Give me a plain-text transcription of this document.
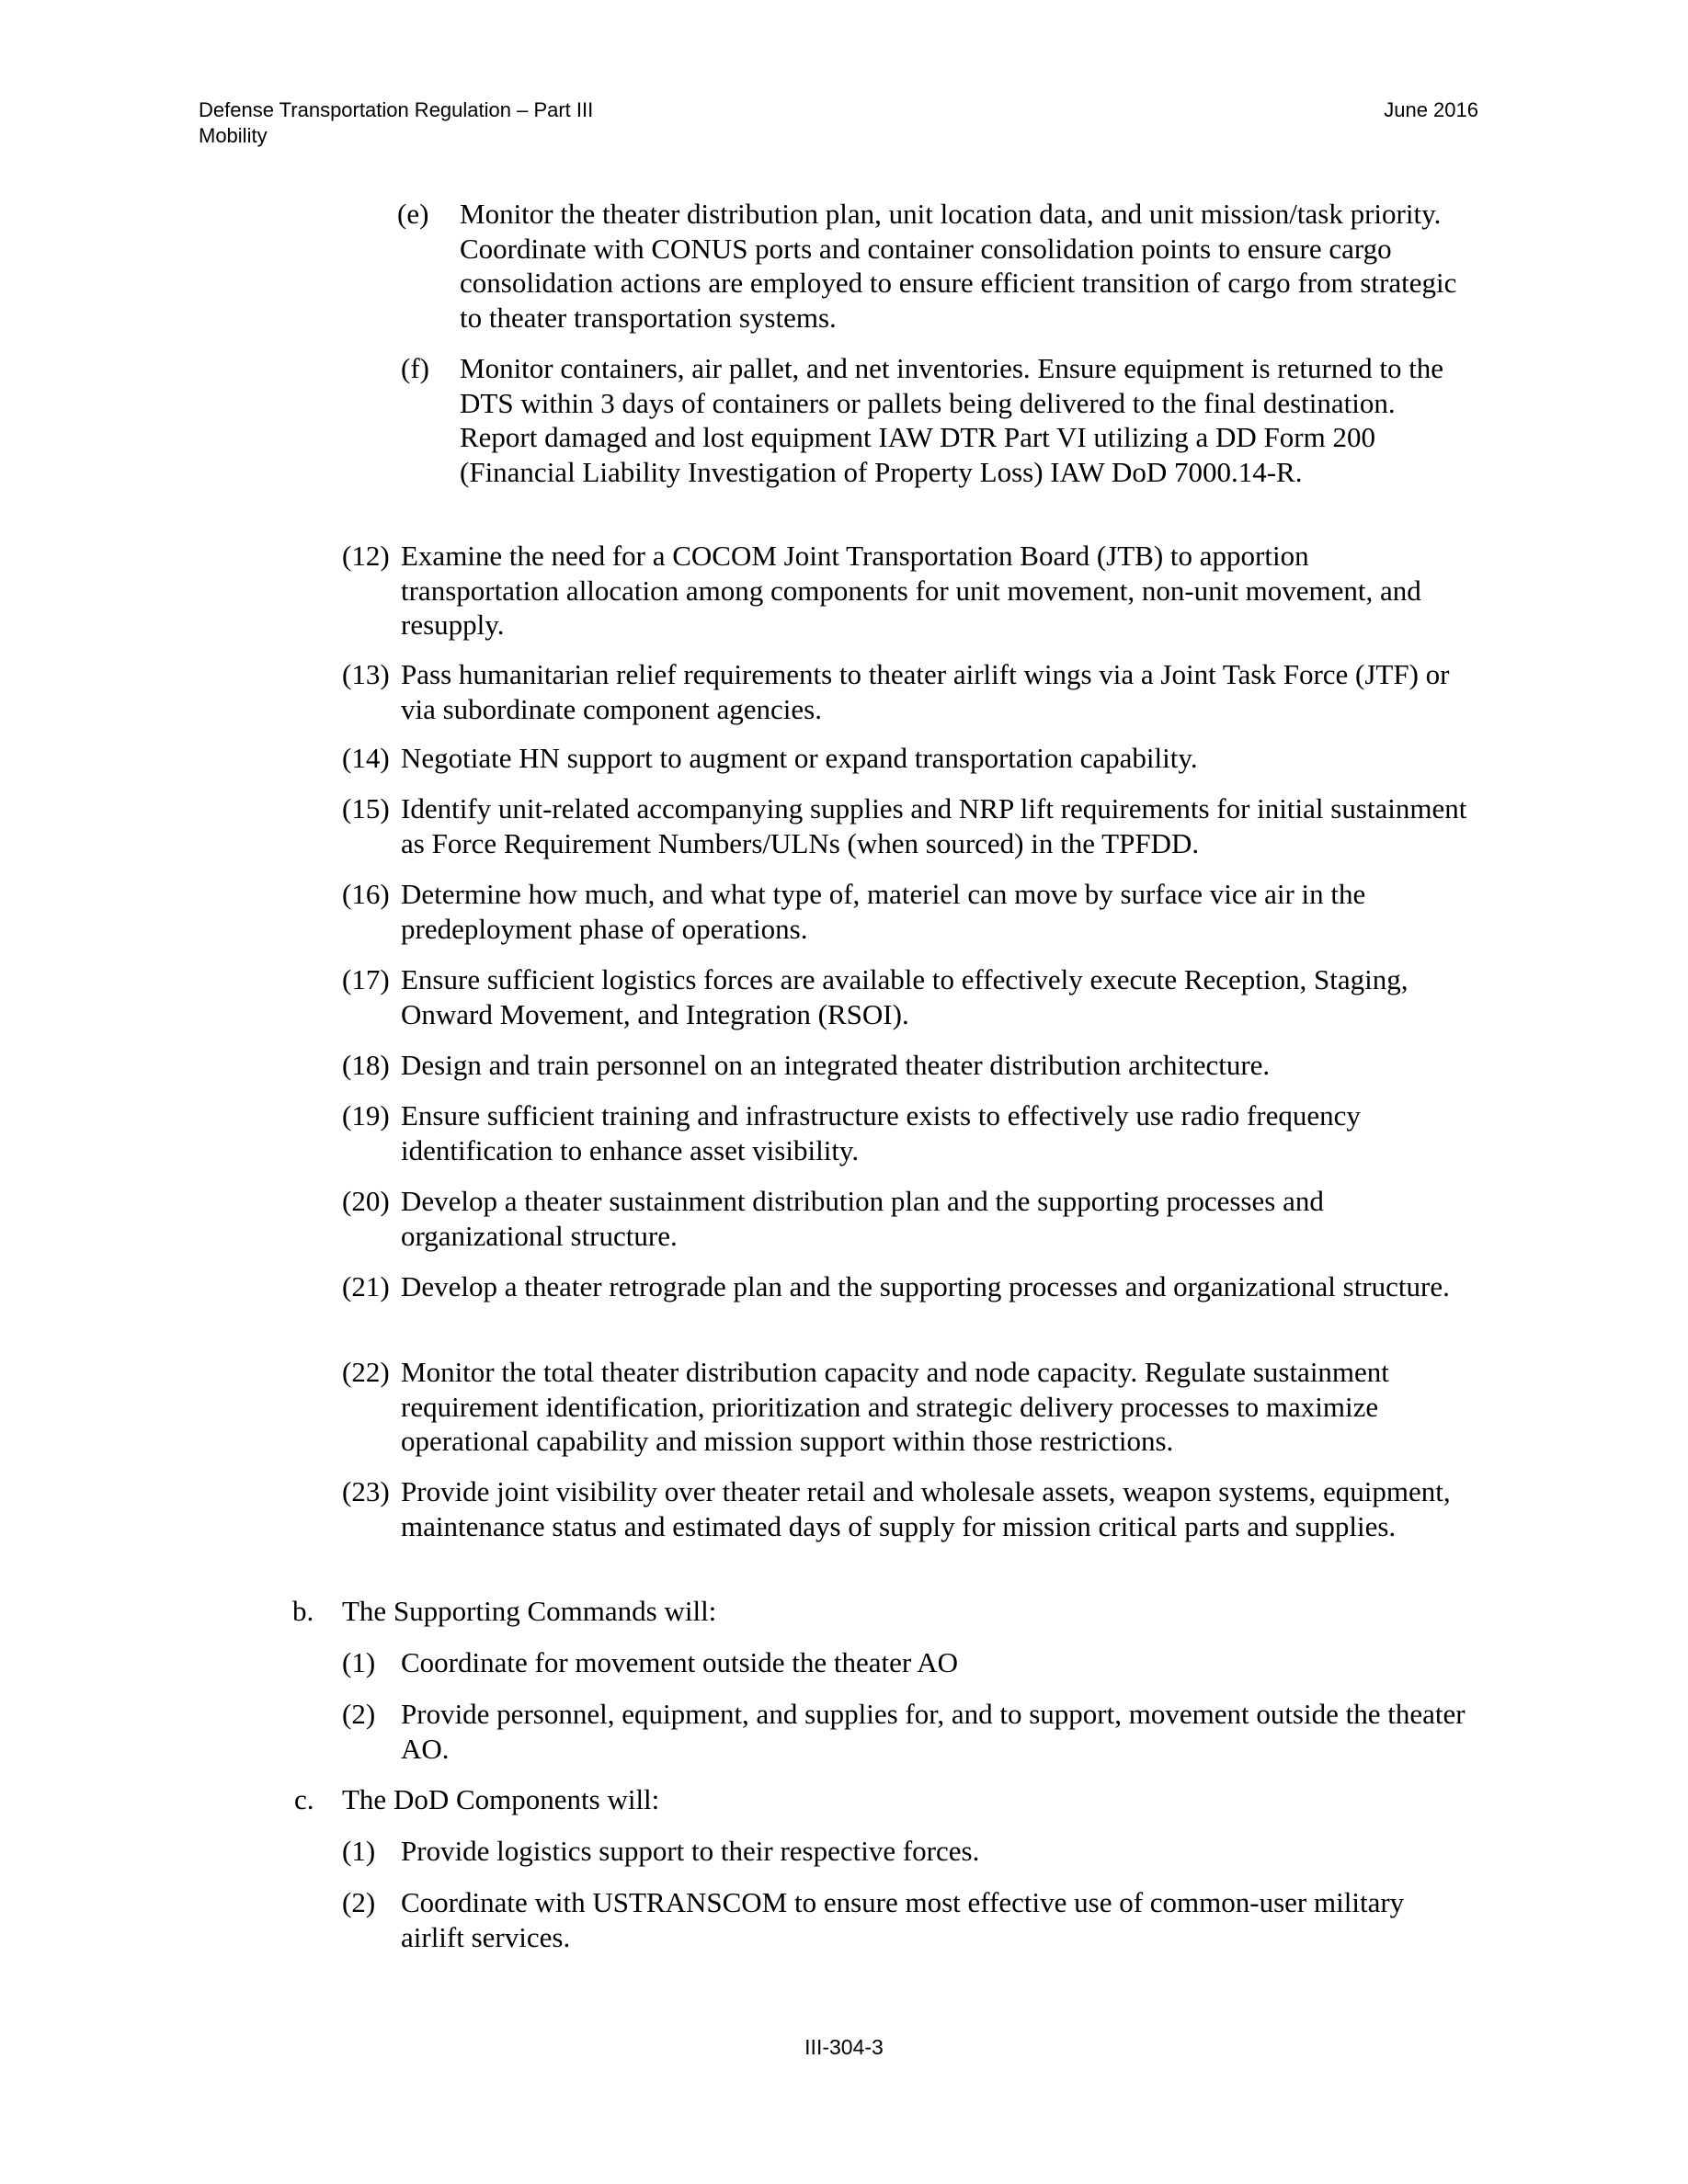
Defense Transportation Regulation – Part III
Mobility
June 2016
(e) Monitor the theater distribution plan, unit location data, and unit mission/task priority. Coordinate with CONUS ports and container consolidation points to ensure cargo consolidation actions are employed to ensure efficient transition of cargo from strategic to theater transportation systems.
(f) Monitor containers, air pallet, and net inventories. Ensure equipment is returned to the DTS within 3 days of containers or pallets being delivered to the final destination. Report damaged and lost equipment IAW DTR Part VI utilizing a DD Form 200 (Financial Liability Investigation of Property Loss) IAW DoD 7000.14-R.
(12) Examine the need for a COCOM Joint Transportation Board (JTB) to apportion transportation allocation among components for unit movement, non-unit movement, and resupply.
(13) Pass humanitarian relief requirements to theater airlift wings via a Joint Task Force (JTF) or via subordinate component agencies.
(14) Negotiate HN support to augment or expand transportation capability.
(15) Identify unit-related accompanying supplies and NRP lift requirements for initial sustainment as Force Requirement Numbers/ULNs (when sourced) in the TPFDD.
(16) Determine how much, and what type of, materiel can move by surface vice air in the predeployment phase of operations.
(17) Ensure sufficient logistics forces are available to effectively execute Reception, Staging, Onward Movement, and Integration (RSOI).
(18) Design and train personnel on an integrated theater distribution architecture.
(19) Ensure sufficient training and infrastructure exists to effectively use radio frequency identification to enhance asset visibility.
(20) Develop a theater sustainment distribution plan and the supporting processes and organizational structure.
(21) Develop a theater retrograde plan and the supporting processes and organizational structure.
(22) Monitor the total theater distribution capacity and node capacity. Regulate sustainment requirement identification, prioritization and strategic delivery processes to maximize operational capability and mission support within those restrictions.
(23) Provide joint visibility over theater retail and wholesale assets, weapon systems, equipment, maintenance status and estimated days of supply for mission critical parts and supplies.
b. The Supporting Commands will:
(1) Coordinate for movement outside the theater AO
(2) Provide personnel, equipment, and supplies for, and to support, movement outside the theater AO.
c. The DoD Components will:
(1) Provide logistics support to their respective forces.
(2) Coordinate with USTRANSCOM to ensure most effective use of common-user military airlift services.
III-304-3
